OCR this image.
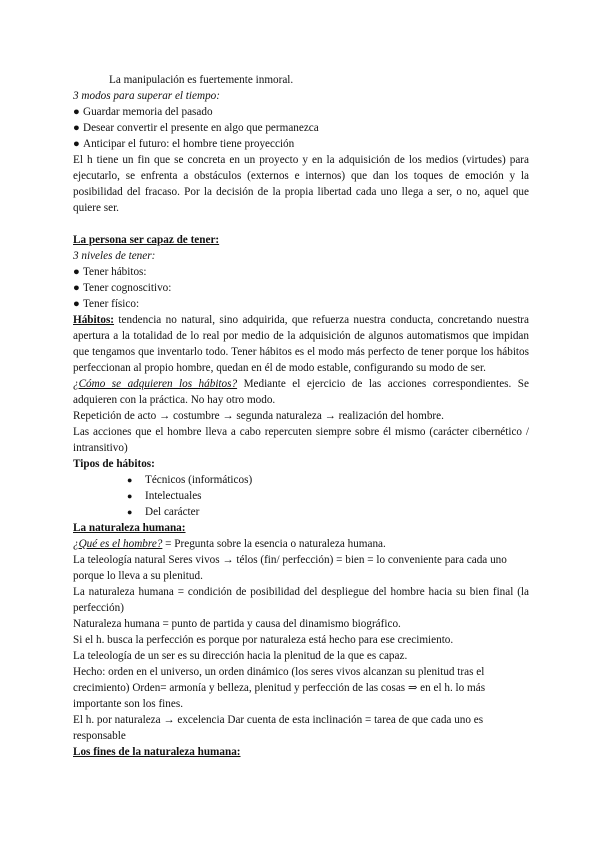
La manipulación es fuertemente inmoral.

3 modos para superar el tiempo:

● Guardar memoria del pasado
● Desear convertir el presente en algo que permanezca
● Anticipar el futuro: el hombre tiene proyección

El h tiene un fin que se concreta en un proyecto y en la adquisición de los medios (virtudes) para ejecutarlo, se enfrenta a obstáculos (externos e internos) que dan los toques de emoción y la posibilidad del fracaso. Por la decisión de la propia libertad cada uno llega a ser, o no, aquel que quiere ser.

La persona ser capaz de tener:

3 niveles de tener:

● Tener hábitos:
● Tener cognoscitivo:
● Tener físico:

Hábitos: tendencia no natural, sino adquirida, que refuerza nuestra conducta, concretando nuestra apertura a la totalidad de lo real por medio de la adquisición de algunos automatismos que impidan que tengamos que inventarlo todo. Tener hábitos es el modo más perfecto de tener porque los hábitos perfeccionan al propio hombre, quedan en él de modo estable, configurando su modo de ser.

¿Cómo se adquieren los hábitos? Mediante el ejercicio de las acciones correspondientes. Se adquieren con la práctica. No hay otro modo.

Repetición de acto → costumbre → segunda naturaleza → realización del hombre.

Las acciones que el hombre lleva a cabo repercuten siempre sobre él mismo (carácter cibernético / intransitivo)

Tipos de hábitos:

●	Técnicos (informáticos)
●	Intelectuales
●	Del carácter

La naturaleza humana:

¿Qué es el hombre? = Pregunta sobre la esencia o naturaleza humana.

La teleología natural Seres vivos → télos (fin/ perfección) = bien = lo conveniente para cada uno porque lo lleva a su plenitud.

La naturaleza humana = condición de posibilidad del despliegue del hombre hacia su bien final (la perfección)

Naturaleza humana = punto de partida y causa del dinamismo biográfico.

Si el h. busca la perfección es porque por naturaleza está hecho para ese crecimiento.

La teleología de un ser es su dirección hacia la plenitud de la que es capaz.

Hecho: orden en el universo, un orden dinámico (los seres vivos alcanzan su plenitud tras el crecimiento) Orden= armonía y belleza, plenitud y perfección de las cosas ⇒ en el h. lo más importante son los fines.

El h. por naturaleza → excelencia Dar cuenta de esta inclinación = tarea de que cada uno es responsable

Los fines de la naturaleza humana:
